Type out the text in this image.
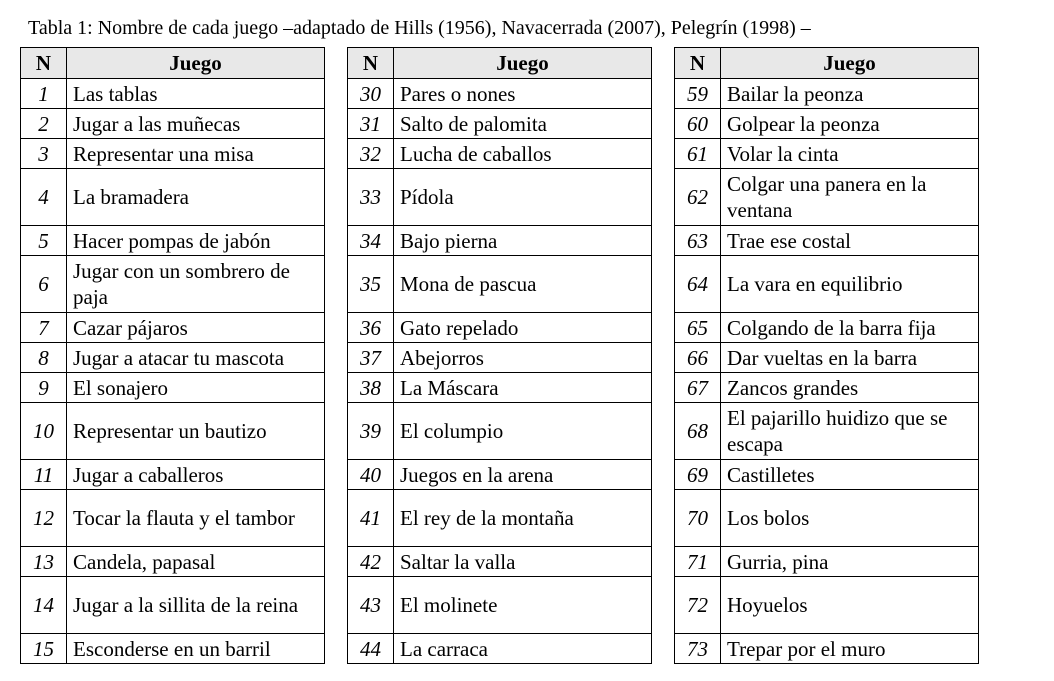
Tabla 1: Nombre de cada juego –adaptado de Hills (1956), Navacerrada (2007), Pelegrín (1998) –
N	Juego
1	Las tablas
2	Jugar a las muñecas
3	Representar una misa
4	La bramadera
5	Hacer pompas de jabón
6	Jugar con un sombrero de paja
7	Cazar pájaros
8	Jugar a atacar tu mascota
9	El sonajero
10	Representar un bautizo
11	Jugar a caballeros
12	Tocar la flauta y el tambor
13	Candela, papasal
14	Jugar a la sillita de la reina
15	Esconderse en un barril
N	Juego
30	Pares o nones
31	Salto de palomita
32	Lucha de caballos
33	Pídola
34	Bajo pierna
35	Mona de pascua
36	Gato repelado
37	Abejorros
38	La Máscara
39	El columpio
40	Juegos en la arena
41	El rey de la montaña
42	Saltar la valla
43	El molinete
44	La carraca
N	Juego
59	Bailar la peonza
60	Golpear la peonza
61	Volar la cinta
62	Colgar una panera en la ventana
63	Trae ese costal
64	La vara en equilibrio
65	Colgando de la barra fija
66	Dar vueltas en la barra
67	Zancos grandes
68	El pajarillo huidizo que se escapa
69	Castilletes
70	Los bolos
71	Gurria, pina
72	Hoyuelos
73	Trepar por el muro
